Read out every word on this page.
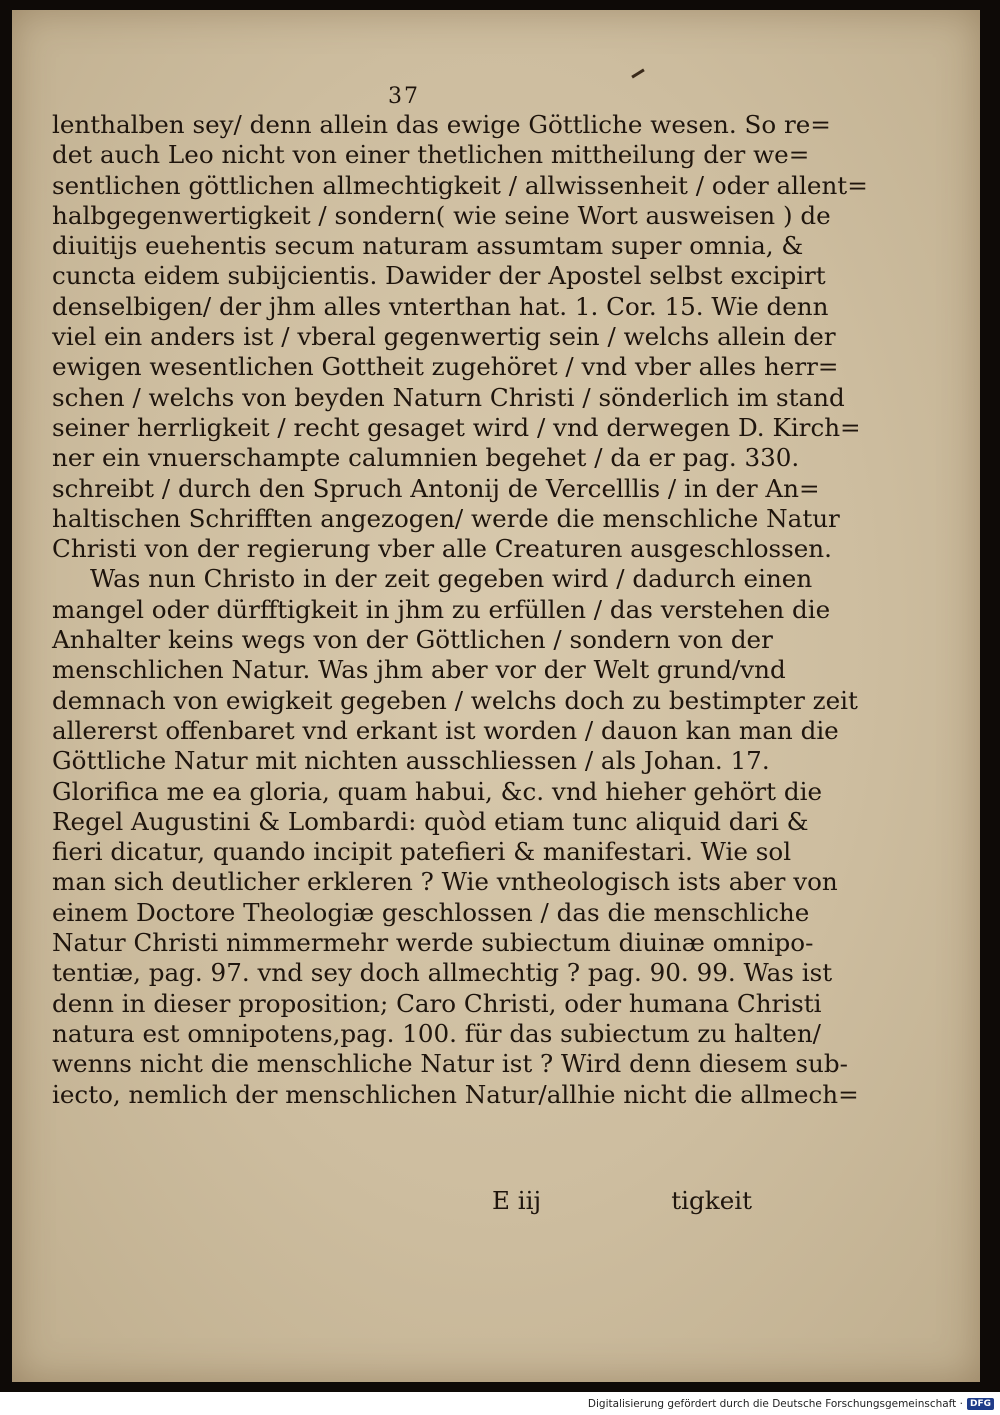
37
lenthalben sey/ denn allein das ewige Göttliche wesen. So re=
det auch Leo nicht von einer thetlichen mittheilung der we=
sentlichen göttlichen allmechtigkeit / allwissenheit / oder allent=
halbgegenwertigkeit / sondern( wie seine Wort ausweisen ) de
diuitijs euehentis secum naturam assumtam super omnia, &
cuncta eidem subijcientis. Dawider der Apostel selbst excipirt
denselbigen/ der jhm alles vnterthan hat. 1. Cor. 15. Wie denn
viel ein anders ist / vberal gegenwertig sein / welchs allein der
ewigen wesentlichen Gottheit zugehöret / vnd vber alles herr=
schen / welchs von beyden Naturn Christi / sönderlich im stand
seiner herrligkeit / recht gesaget wird / vnd derwegen D. Kirch=
ner ein vnuerschampte calumnien begehet / da er pag. 330.
schreibt / durch den Spruch Antonij de Vercelllis / in der An=
haltischen Schrifften angezogen/ werde die menschliche Natur
Christi von der regierung vber alle Creaturen ausgeschlossen.
Was nun Christo in der zeit gegeben wird / dadurch einen
mangel oder dürfftigkeit in jhm zu erfüllen / das verstehen die
Anhalter keins wegs von der Göttlichen / sondern von der
menschlichen Natur. Was jhm aber vor der Welt grund/vnd
demnach von ewigkeit gegeben / welchs doch zu bestimpter zeit
allererst offenbaret vnd erkant ist worden / dauon kan man die
Göttliche Natur mit nichten ausschliessen / als Johan. 17.
Glorifica me ea gloria, quam habui, &c. vnd hieher gehört die
Regel Augustini & Lombardi: quòd etiam tunc aliquid dari &
fieri dicatur, quando incipit patefieri & manifestari. Wie sol
man sich deutlicher erkleren ? Wie vntheologisch ists aber von
einem Doctore Theologiæ geschlossen / das die menschliche
Natur Christi nimmermehr werde subiectum diuinæ omnipo-
tentiæ, pag. 97. vnd sey doch allmechtig ? pag. 90. 99. Was ist
denn in dieser proposition; Caro Christi, oder humana Christi
natura est omnipotens,pag. 100. für das subiectum zu halten/
wenns nicht die menschliche Natur ist ? Wird denn diesem sub-
iecto, nemlich der menschlichen Natur/allhie nicht die allmech=
E iij	tigkeit
Digitalisierung gefördert durch die Deutsche Forschungsgemeinschaft · DFG
